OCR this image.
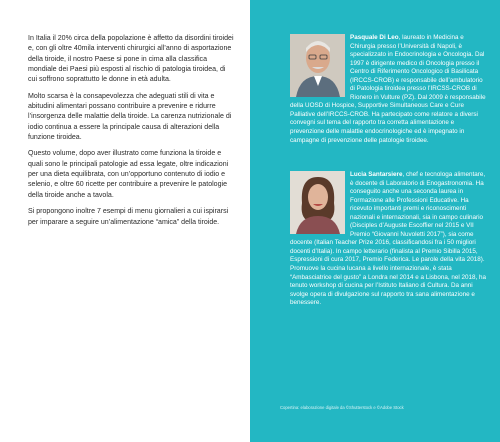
In Italia il 20% circa della popolazione è affetto da disordini tiroidei e, con gli oltre 40mila interventi chirurgici all’anno di asportazione della tiroide, il nostro Paese si pone in cima alla classifica mondiale dei Paesi più esposti al rischio di patologia tiroidea, di cui soffrono soprattutto le donne in età adulta.

Molto scarsa è la consapevolezza che adeguati stili di vita e abitudini alimentari possano contribuire a prevenire e ridurre l’insorgenza delle malattie della tiroide. La carenza nutrizionale di iodio continua a essere la principale causa di alterazioni della funzione tiroidea.

Questo volume, dopo aver illustrato come funziona la tiroide e quali sono le principali patologie ad essa legate, oltre indicazioni per una dieta equilibrata, con un’opportuno contenuto di iodio e selenio, e oltre 60 ricette per contribuire a prevenire le patologie della tiroide anche a tavola.

Si propongono inoltre 7 esempi di menu giornalieri a cui ispirarsi per imparare a seguire un’alimentazione “amica” della tiroide.

Pasquale Di Leo, laureato in Medicina e Chirurgia presso l’Università di Napoli, è specializzato in Endocrinologia e Oncologia. Dal 1997 è dirigente medico di Oncologia presso il Centro di Riferimento Oncologico di Basilicata (IRCCS-CROB) e responsabile dell’ambulatorio di Patologia tiroidea presso l’IRCSS-CROB di Rionero in Vulture (PZ). Dal 2009 è responsabile della UOSD di Hospice, Supportive Simultaneous Care e Cure Palliative dell’IRCCS-CROB. Ha partecipato come relatore a diversi convegni sul tema del rapporto tra corretta alimentazione e prevenzione delle malattie endocrinologiche ed è impegnato in campagne di prevenzione delle patologie tiroidee.
Lucia Santarsiere, chef e tecnologa alimentare, è docente di Laboratorio di Enogastronomia. Ha conseguito anche una seconda laurea in Formazione alle Professioni Educative. Ha ricevuto importanti premi e riconoscimenti nazionali e internazionali, sia in campo culinario (Disciples d’Auguste Escoffier nel 2015 e VII Premio “Giovanni Nuvoletti 2017”), sia come docente (Italian Teacher Prize 2016, classificandosi fra i 50 migliori docenti d’Italia). In campo letterario (finalista al Premio Sibilla 2015, Espressioni di cura 2017, Premio Federica. Le parole della vita 2018). Promuove la cucina lucana a livello internazionale, è stata “Ambasciatrice del gusto” a Londra nel 2014 e a Lisbona, nel 2018, ha tenuto workshop di cucina per l’Istituto Italiano di Cultura. Da anni svolge opera di divulgazione sul rapporto tra sana alimentazione e benessere.
Copertina: elaborazione digitale da ©Shutterstock e ©Adobe Stock
